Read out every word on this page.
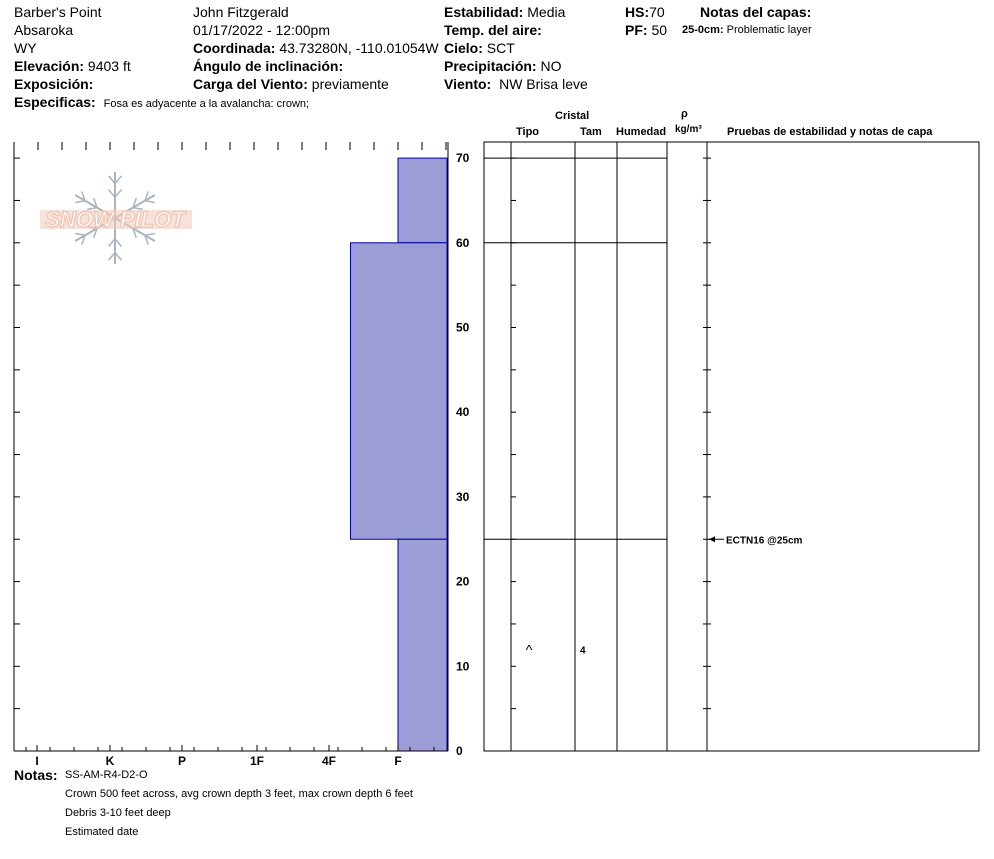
Barber's Point
Absaroka
WY
Elevación: 9403 ft
Exposición:
Especificas: Fosa es adyacente a la avalancha: crown;
John Fitzgerald
01/17/2022 - 12:00pm
Coordinada: 43.73280N, -110.01054W
Ángulo de inclinación:
Carga del Viento: previamente
Estabilidad: Media
Temp. del aire:
Cielo: SCT
Precipitación: NO
Viento: NW Brisa leve
HS:70
PF: 50
Notas del capas:
25-0cm: Problematic layer
Cristal
Tipo	Tam Humedad
ρ
kg/m³ Pruebas de estabilidad y notas de capa
SNOW PILOT
I	K	P	1F	4F	F
0
10
20
30
40
50
60
70
^	4
ECTN16 @25cm
Notas: SS-AM-R4-D2-O
Crown 500 feet across, avg crown depth 3 feet, max crown depth 6 feet
Debris 3-10 feet deep
Estimated date
